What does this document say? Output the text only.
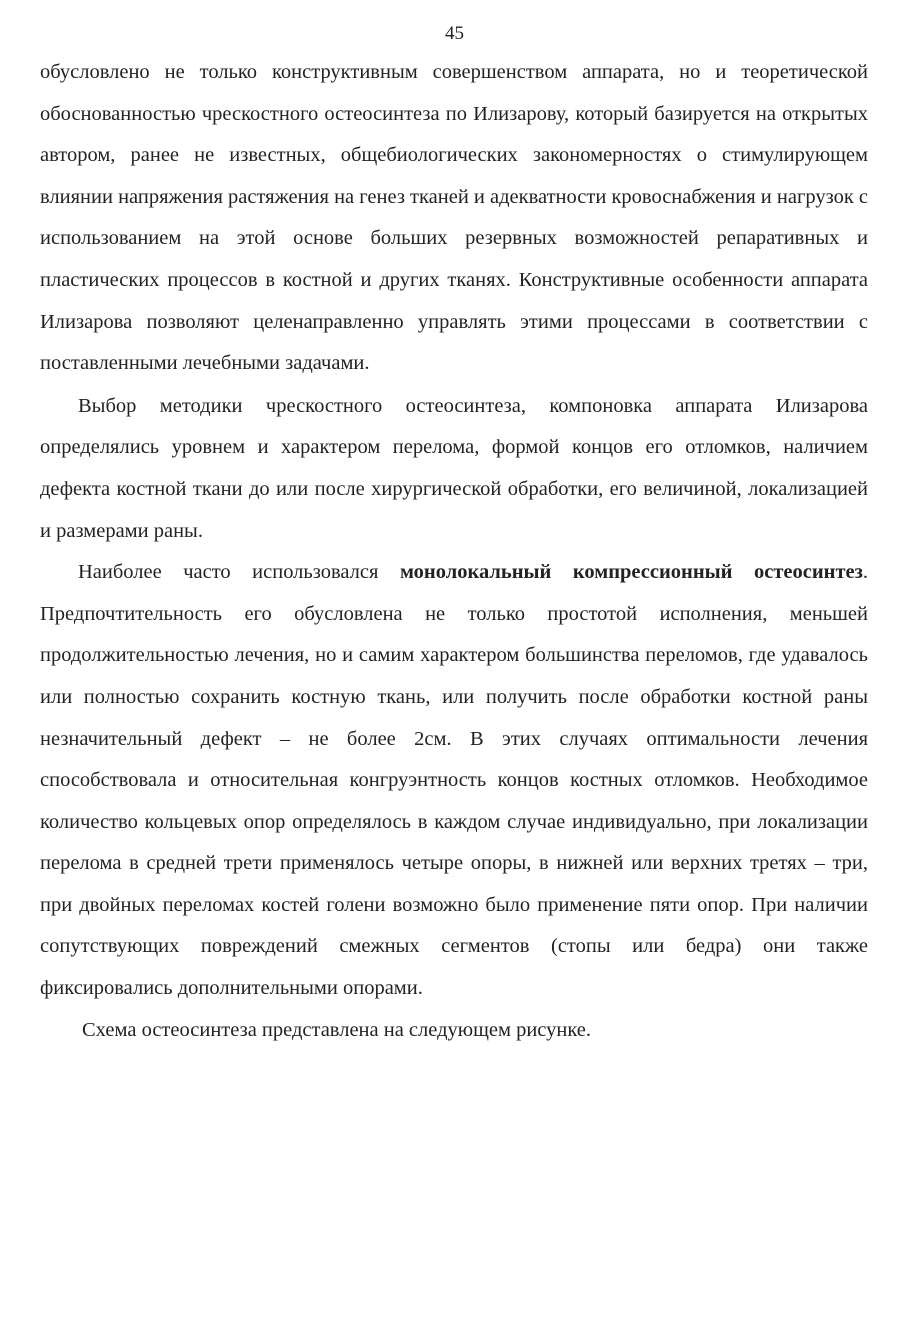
45

обусловлено не только конструктивным совершенством аппарата, но и теоретической обоснованностью чрескостного остеосинтеза по Илизарову, который базируется на открытых автором, ранее не известных, общебиологических закономерностях о стимулирующем влиянии напряжения растяжения на генез тканей и адекватности кровоснабжения и нагрузок с использованием на этой основе больших резервных возможностей репаративных и пластических процессов в костной и других тканях. Конструктивные особенности аппарата Илизарова позволяют целенаправленно управлять этими процессами в соответствии с поставленными лечебными задачами.

Выбор методики чрескостного остеосинтеза, компоновка аппарата Илизарова определялись уровнем и характером перелома, формой концов его отломков, наличием дефекта костной ткани до или после хирургической обработки, его величиной, локализацией и размерами раны.

Наиболее часто использовался монолокальный компрессионный остеосинтез. Предпочтительность его обусловлена не только простотой исполнения, меньшей продолжительностью лечения, но и самим характером большинства переломов, где удавалось или полностью сохранить костную ткань, или получить после обработки костной раны незначительный дефект – не более 2см. В этих случаях оптимальности лечения способствовала и относительная конгруэнтность концов костных отломков. Необходимое количество кольцевых опор определялось в каждом случае индивидуально, при локализации перелома в средней трети применялось четыре опоры, в нижней или верхних третях – три, при двойных переломах костей голени возможно было применение пяти опор. При наличии сопутствующих повреждений смежных сегментов (стопы или бедра) они также фиксировались дополнительными опорами.

Схема остеосинтеза представлена на следующем рисунке.
